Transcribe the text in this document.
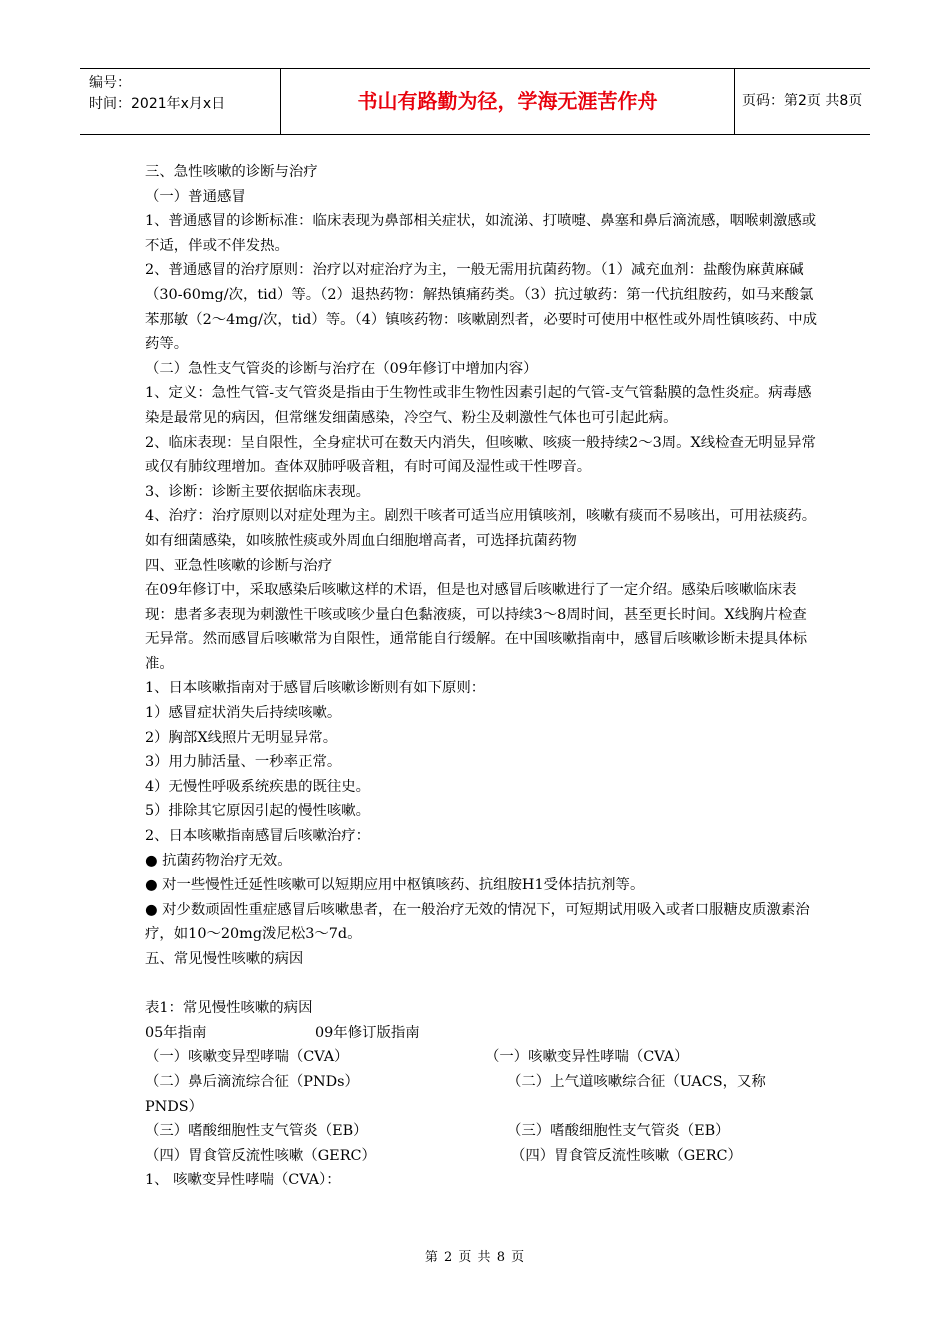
编号：
时间：2021年x月x日	书山有路勤为径，学海无涯苦作舟	页码：第2页 共8页

三、急性咳嗽的诊断与治疗

（一）普通感冒

1、普通感冒的诊断标准：临床表现为鼻部相关症状，如流涕、打喷嚏、鼻塞和鼻后滴流感，咽喉刺激感或不适，伴或不伴发热。

2、普通感冒的治疗原则：治疗以对症治疗为主，一般无需用抗菌药物。（1）减充血剂：盐酸伪麻黄麻碱（30-60mg/次，tid）等。（2）退热药物：解热镇痛药类。（3）抗过敏药：第一代抗组胺药，如马来酸氯苯那敏（2～4mg/次，tid）等。（4）镇咳药物：咳嗽剧烈者，必要时可使用中枢性或外周性镇咳药、中成药等。

（二）急性支气管炎的诊断与治疗在（09年修订中增加内容）

1、定义：急性气管-支气管炎是指由于生物性或非生物性因素引起的气管-支气管黏膜的急性炎症。病毒感染是最常见的病因，但常继发细菌感染，冷空气、粉尘及刺激性气体也可引起此病。

2、临床表现：呈自限性，全身症状可在数天内消失，但咳嗽、咳痰一般持续2～3周。X线检查无明显异常或仅有肺纹理增加。查体双肺呼吸音粗，有时可闻及湿性或干性啰音。

3、诊断：诊断主要依据临床表现。

4、治疗：治疗原则以对症处理为主。剧烈干咳者可适当应用镇咳剂，咳嗽有痰而不易咳出，可用祛痰药。如有细菌感染，如咳脓性痰或外周血白细胞增高者，可选择抗菌药物

四、亚急性咳嗽的诊断与治疗

在09年修订中，采取感染后咳嗽这样的术语，但是也对感冒后咳嗽进行了一定介绍。感染后咳嗽临床表现：患者多表现为刺激性干咳或咳少量白色黏液痰，可以持续3～8周时间，甚至更长时间。X线胸片检查无异常。然而感冒后咳嗽常为自限性，通常能自行缓解。在中国咳嗽指南中，感冒后咳嗽诊断未提具体标准。

1、日本咳嗽指南对于感冒后咳嗽诊断则有如下原则：

1）感冒症状消失后持续咳嗽。

2）胸部X线照片无明显异常。

3）用力肺活量、一秒率正常。

4）无慢性呼吸系统疾患的既往史。

5）排除其它原因引起的慢性咳嗽。

2、日本咳嗽指南感冒后咳嗽治疗：

● 抗菌药物治疗无效。

● 对一些慢性迁延性咳嗽可以短期应用中枢镇咳药、抗组胺H1受体拮抗剂等。

● 对少数顽固性重症感冒后咳嗽患者，在一般治疗无效的情况下，可短期试用吸入或者口服糖皮质激素治疗，如10～20mg泼尼松3～7d。

五、常见慢性咳嗽的病因

表1：常见慢性咳嗽的病因

05年指南	09年修订版指南
（一）咳嗽变异型哮喘（CVA）	（一）咳嗽变异性哮喘（CVA）
（二）鼻后滴流综合征（PNDs）	（二）上气道咳嗽综合征（UACS，又称
PNDS）
（三）嗜酸细胞性支气管炎（EB）	（三）嗜酸细胞性支气管炎（EB）
（四）胃食管反流性咳嗽（GERC）	（四）胃食管反流性咳嗽（GERC）

1、 咳嗽变异性哮喘（CVA）：

第 2 页 共 8 页
